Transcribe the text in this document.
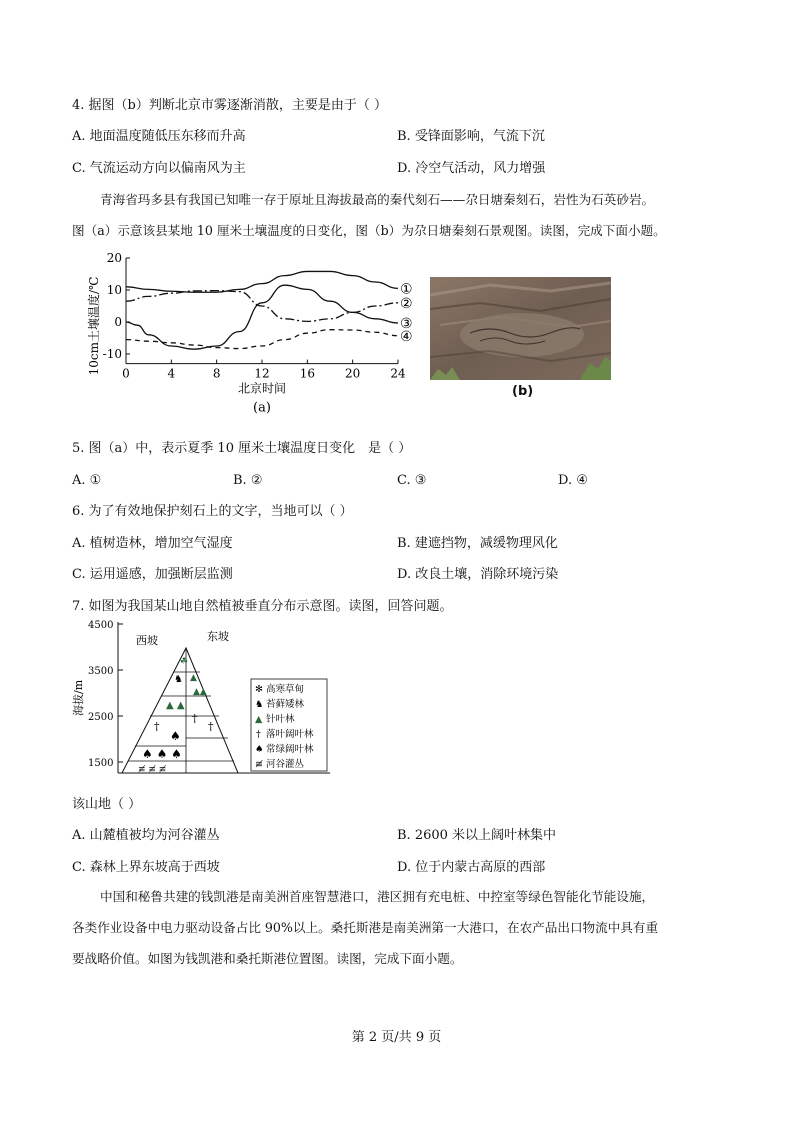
4. 据图（b）判断北京市雾逐渐消散，主要是由于（ ）
A. 地面温度随低压东移而升高	B. 受锋面影响，气流下沉
C. 气流运动方向以偏南风为主	D. 冷空气活动，风力增强
青海省玛多县有我国已知唯一存于原址且海拔最高的秦代刻石——尕日塘秦刻石，岩性为石英砂岩。
图（a）示意该县某地 10 厘米土壤温度的日变化，图（b）为尕日塘秦刻石景观图。读图，完成下面小题。
20
10
0
-10
0	4	8	12	16	20	24
10cm土壤温度/℃
北京时间
(a)
①
②
③
④
(b)
5. 图（a）中，表示夏季 10 厘米土壤温度日变化　是（ ）
A. ①	B. ②	C. ③	D. ④
6. 为了有效地保护刻石上的文字，当地可以（ ）
A. 植树造林，增加空气湿度	B. 建遮挡物，减缓物理风化
C. 运用遥感，加强断层监测	D. 改良土壤，消除环境污染
7. 如图为我国某山地自然植被垂直分布示意图。读图，回答问题。
4500
3500
2500
1500
海拔/m
西坡	东坡
☘
♞ ▲
▲ ▲
▲▲
†
†
†
♠
♠ ♠ ♠
≢ ≢ ≢
✻ 高寒草甸
♞ 苔藓矮林
▲ 针叶林
† 落叶阔叶林
♠ 常绿阔叶林
≢ 河谷灌丛
该山地（ ）
A. 山麓植被均为河谷灌丛	B. 2600 米以上阔叶林集中
C. 森林上界东坡高于西坡	D. 位于内蒙古高原的西部
中国和秘鲁共建的钱凯港是南美洲首座智慧港口，港区拥有充电桩、中控室等绿色智能化节能设施，
各类作业设备中电力驱动设备占比 90%以上。桑托斯港是南美洲第一大港口，在农产品出口物流中具有重
要战略价值。如图为钱凯港和桑托斯港位置图。读图，完成下面小题。
第 2 页/共 9 页
